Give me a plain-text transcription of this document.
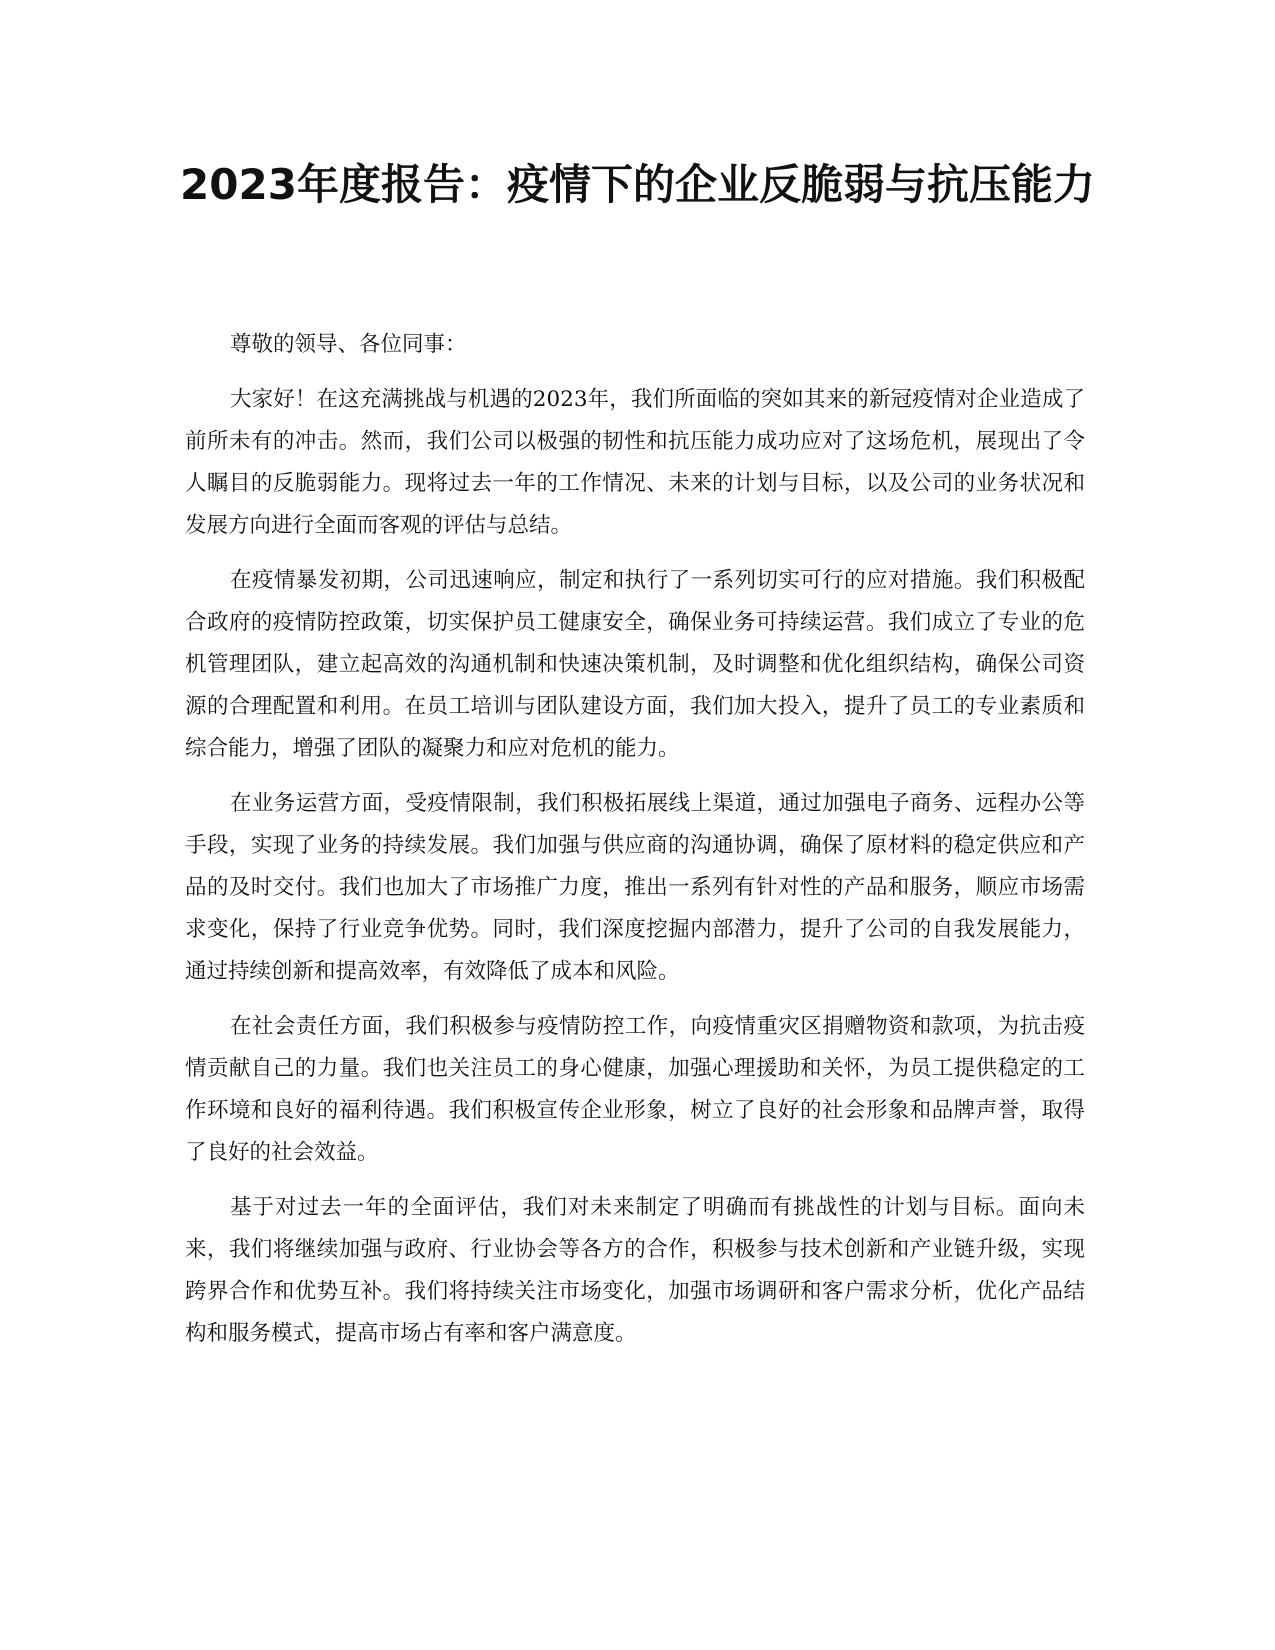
2023年度报告：疫情下的企业反脆弱与抗压能力

尊敬的领导、各位同事：

大家好！在这充满挑战与机遇的2023年，我们所面临的突如其来的新冠疫情对企业造成了前所未有的冲击。然而，我们公司以极强的韧性和抗压能力成功应对了这场危机，展现出了令人瞩目的反脆弱能力。现将过去一年的工作情况、未来的计划与目标，以及公司的业务状况和发展方向进行全面而客观的评估与总结。

在疫情暴发初期，公司迅速响应，制定和执行了一系列切实可行的应对措施。我们积极配合政府的疫情防控政策，切实保护员工健康安全，确保业务可持续运营。我们成立了专业的危机管理团队，建立起高效的沟通机制和快速决策机制，及时调整和优化组织结构，确保公司资源的合理配置和利用。在员工培训与团队建设方面，我们加大投入，提升了员工的专业素质和综合能力，增强了团队的凝聚力和应对危机的能力。

在业务运营方面，受疫情限制，我们积极拓展线上渠道，通过加强电子商务、远程办公等手段，实现了业务的持续发展。我们加强与供应商的沟通协调，确保了原材料的稳定供应和产品的及时交付。我们也加大了市场推广力度，推出一系列有针对性的产品和服务，顺应市场需求变化，保持了行业竞争优势。同时，我们深度挖掘内部潜力，提升了公司的自我发展能力，通过持续创新和提高效率，有效降低了成本和风险。

在社会责任方面，我们积极参与疫情防控工作，向疫情重灾区捐赠物资和款项，为抗击疫情贡献自己的力量。我们也关注员工的身心健康，加强心理援助和关怀，为员工提供稳定的工作环境和良好的福利待遇。我们积极宣传企业形象，树立了良好的社会形象和品牌声誉，取得了良好的社会效益。

基于对过去一年的全面评估，我们对未来制定了明确而有挑战性的计划与目标。面向未来，我们将继续加强与政府、行业协会等各方的合作，积极参与技术创新和产业链升级，实现跨界合作和优势互补。我们将持续关注市场变化，加强市场调研和客户需求分析，优化产品结构和服务模式，提高市场占有率和客户满意度。
